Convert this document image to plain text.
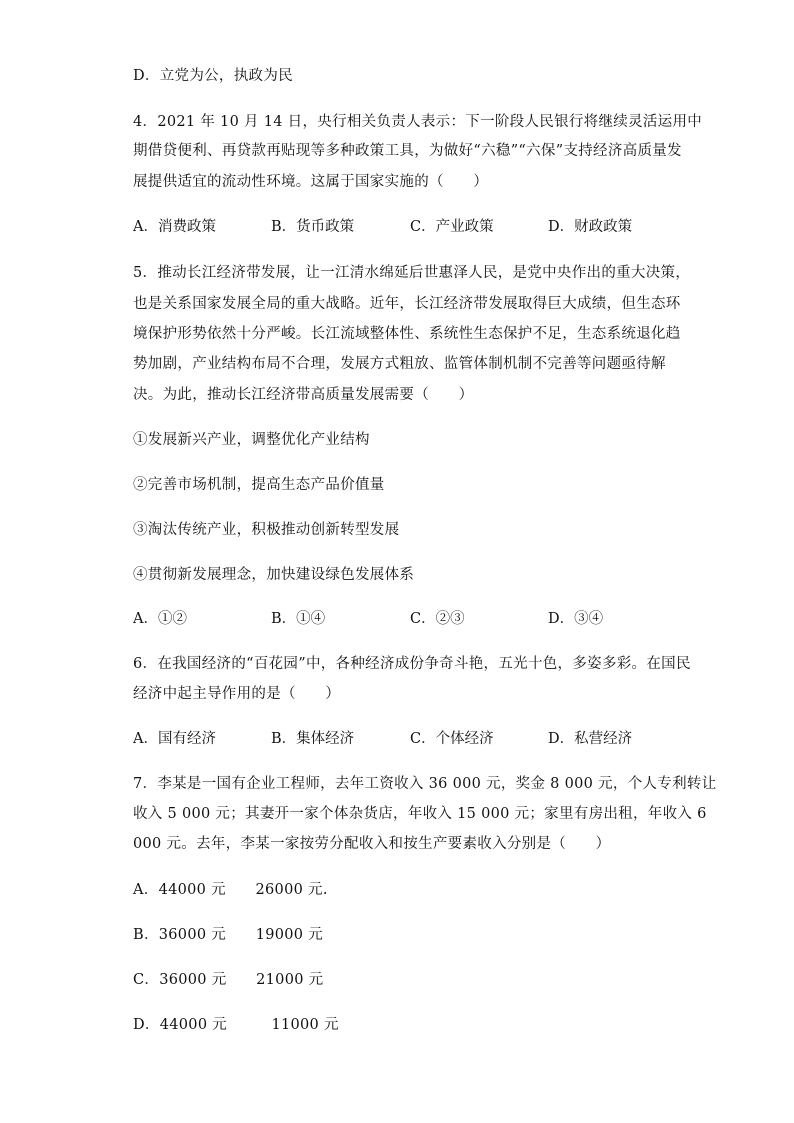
D．立党为公，执政为民
4．2021 年 10 月 14 日，央行相关负责人表示：下一阶段人民银行将继续灵活运用中
期借贷便利、再贷款再贴现等多种政策工具，为做好“六稳”“六保”支持经济高质量发
展提供适宜的流动性环境。这属于国家实施的（　　）
A．消费政策	B．货币政策	C．产业政策	D．财政政策
5．推动长江经济带发展，让一江清水绵延后世惠泽人民，是党中央作出的重大决策，
也是关系国家发展全局的重大战略。近年，长江经济带发展取得巨大成绩，但生态环
境保护形势依然十分严峻。长江流域整体性、系统性生态保护不足，生态系统退化趋
势加剧，产业结构布局不合理，发展方式粗放、监管体制机制不完善等问题亟待解
决。为此，推动长江经济带高质量发展需要（　　）
①发展新兴产业，调整优化产业结构
②完善市场机制，提高生态产品价值量
③淘汰传统产业，积极推动创新转型发展
④贯彻新发展理念，加快建设绿色发展体系
A．①②	B．①④	C．②③	D．③④
6．在我国经济的“百花园”中，各种经济成份争奇斗艳，五光十色，多姿多彩。在国民
经济中起主导作用的是（　　）
A．国有经济	B．集体经济	C．个体经济	D．私营经济
7．李某是一国有企业工程师，去年工资收入 36 000 元，奖金 8 000 元，个人专利转让
收入 5 000 元；其妻开一家个体杂货店，年收入 15 000 元；家里有房出租，年收入 6
000 元。去年，李某一家按劳分配收入和按生产要素收入分别是（　　）
A．44000 元　　26000 元.
B．36000 元　　19000 元
C．36000 元　　21000 元
D．44000 元　　　11000 元
